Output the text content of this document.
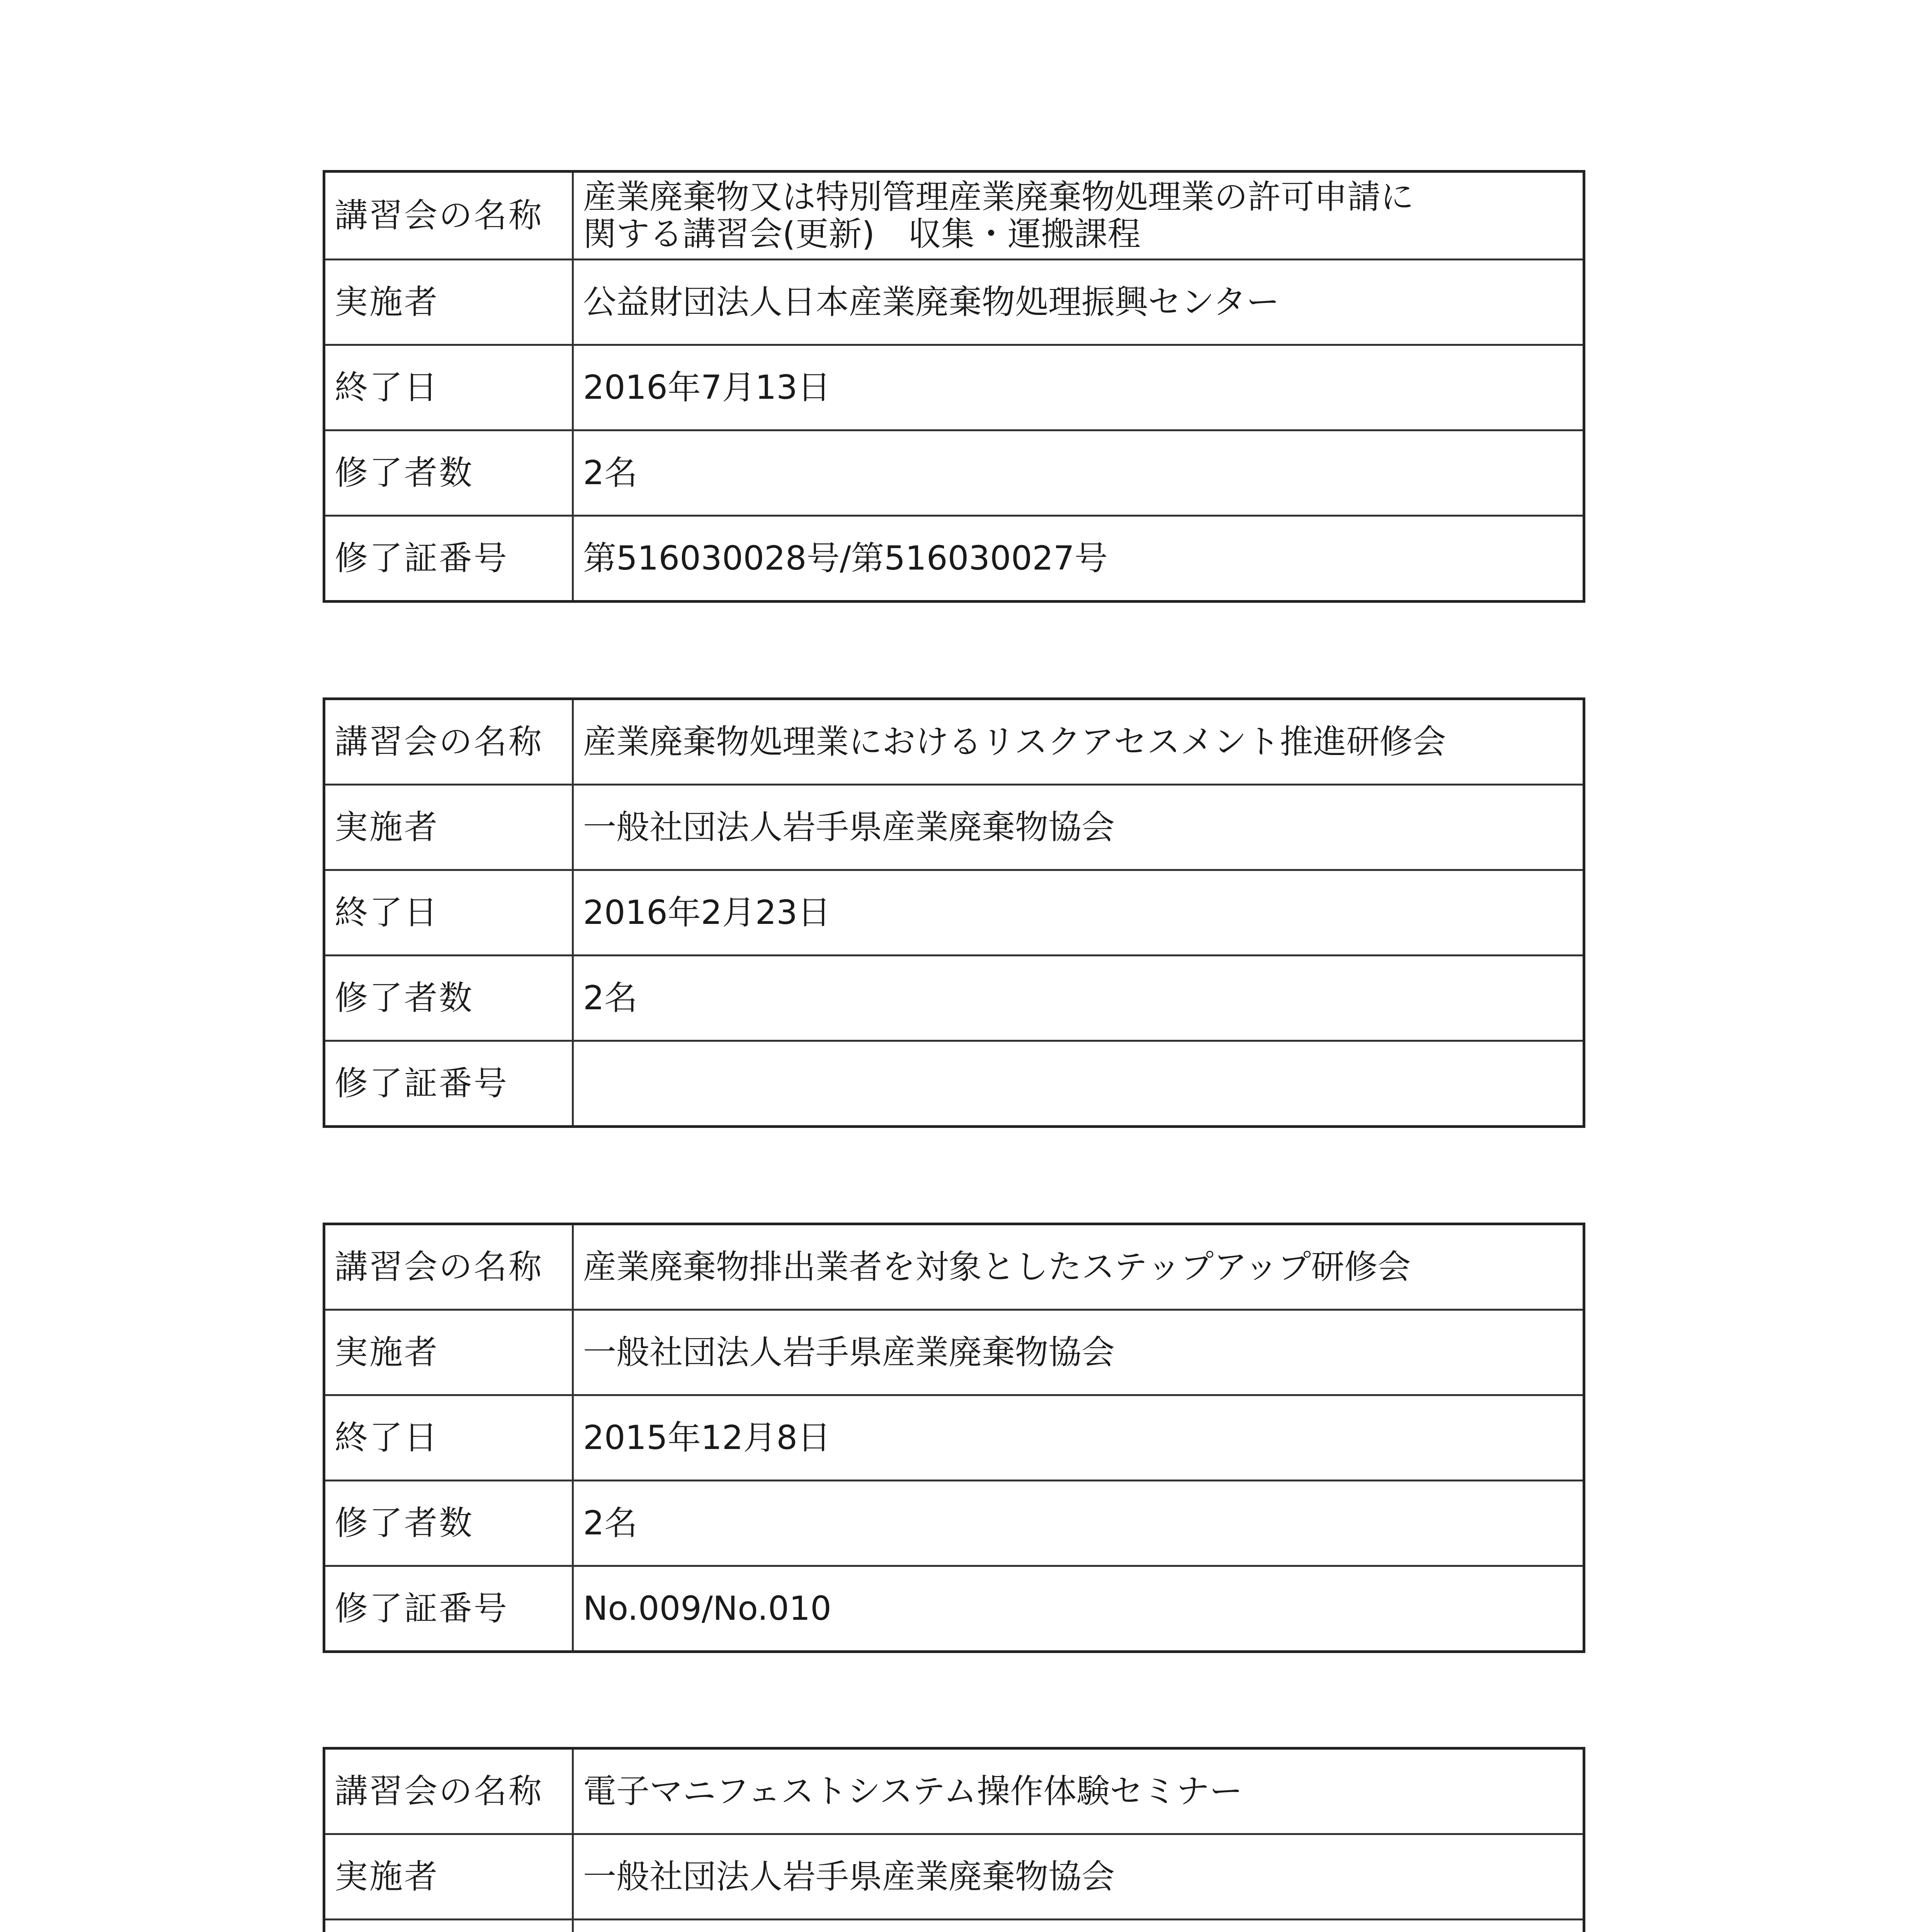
講習会の名称	産業廃棄物又は特別管理産業廃棄物処理業の許可申請に
関する講習会(更新)　収集・運搬課程
実施者	公益財団法人日本産業廃棄物処理振興センター
終了日	2016年7月13日
修了者数	2名
修了証番号	第516030028号/第516030027号
講習会の名称	産業廃棄物処理業におけるリスクアセスメント推進研修会
実施者	一般社団法人岩手県産業廃棄物協会
終了日	2016年2月23日
修了者数	2名
修了証番号	
講習会の名称	産業廃棄物排出業者を対象としたステップアップ研修会
実施者	一般社団法人岩手県産業廃棄物協会
終了日	2015年12月8日
修了者数	2名
修了証番号	No.009/No.010
講習会の名称	電子マニフェストシステム操作体験セミナー
実施者	一般社団法人岩手県産業廃棄物協会
